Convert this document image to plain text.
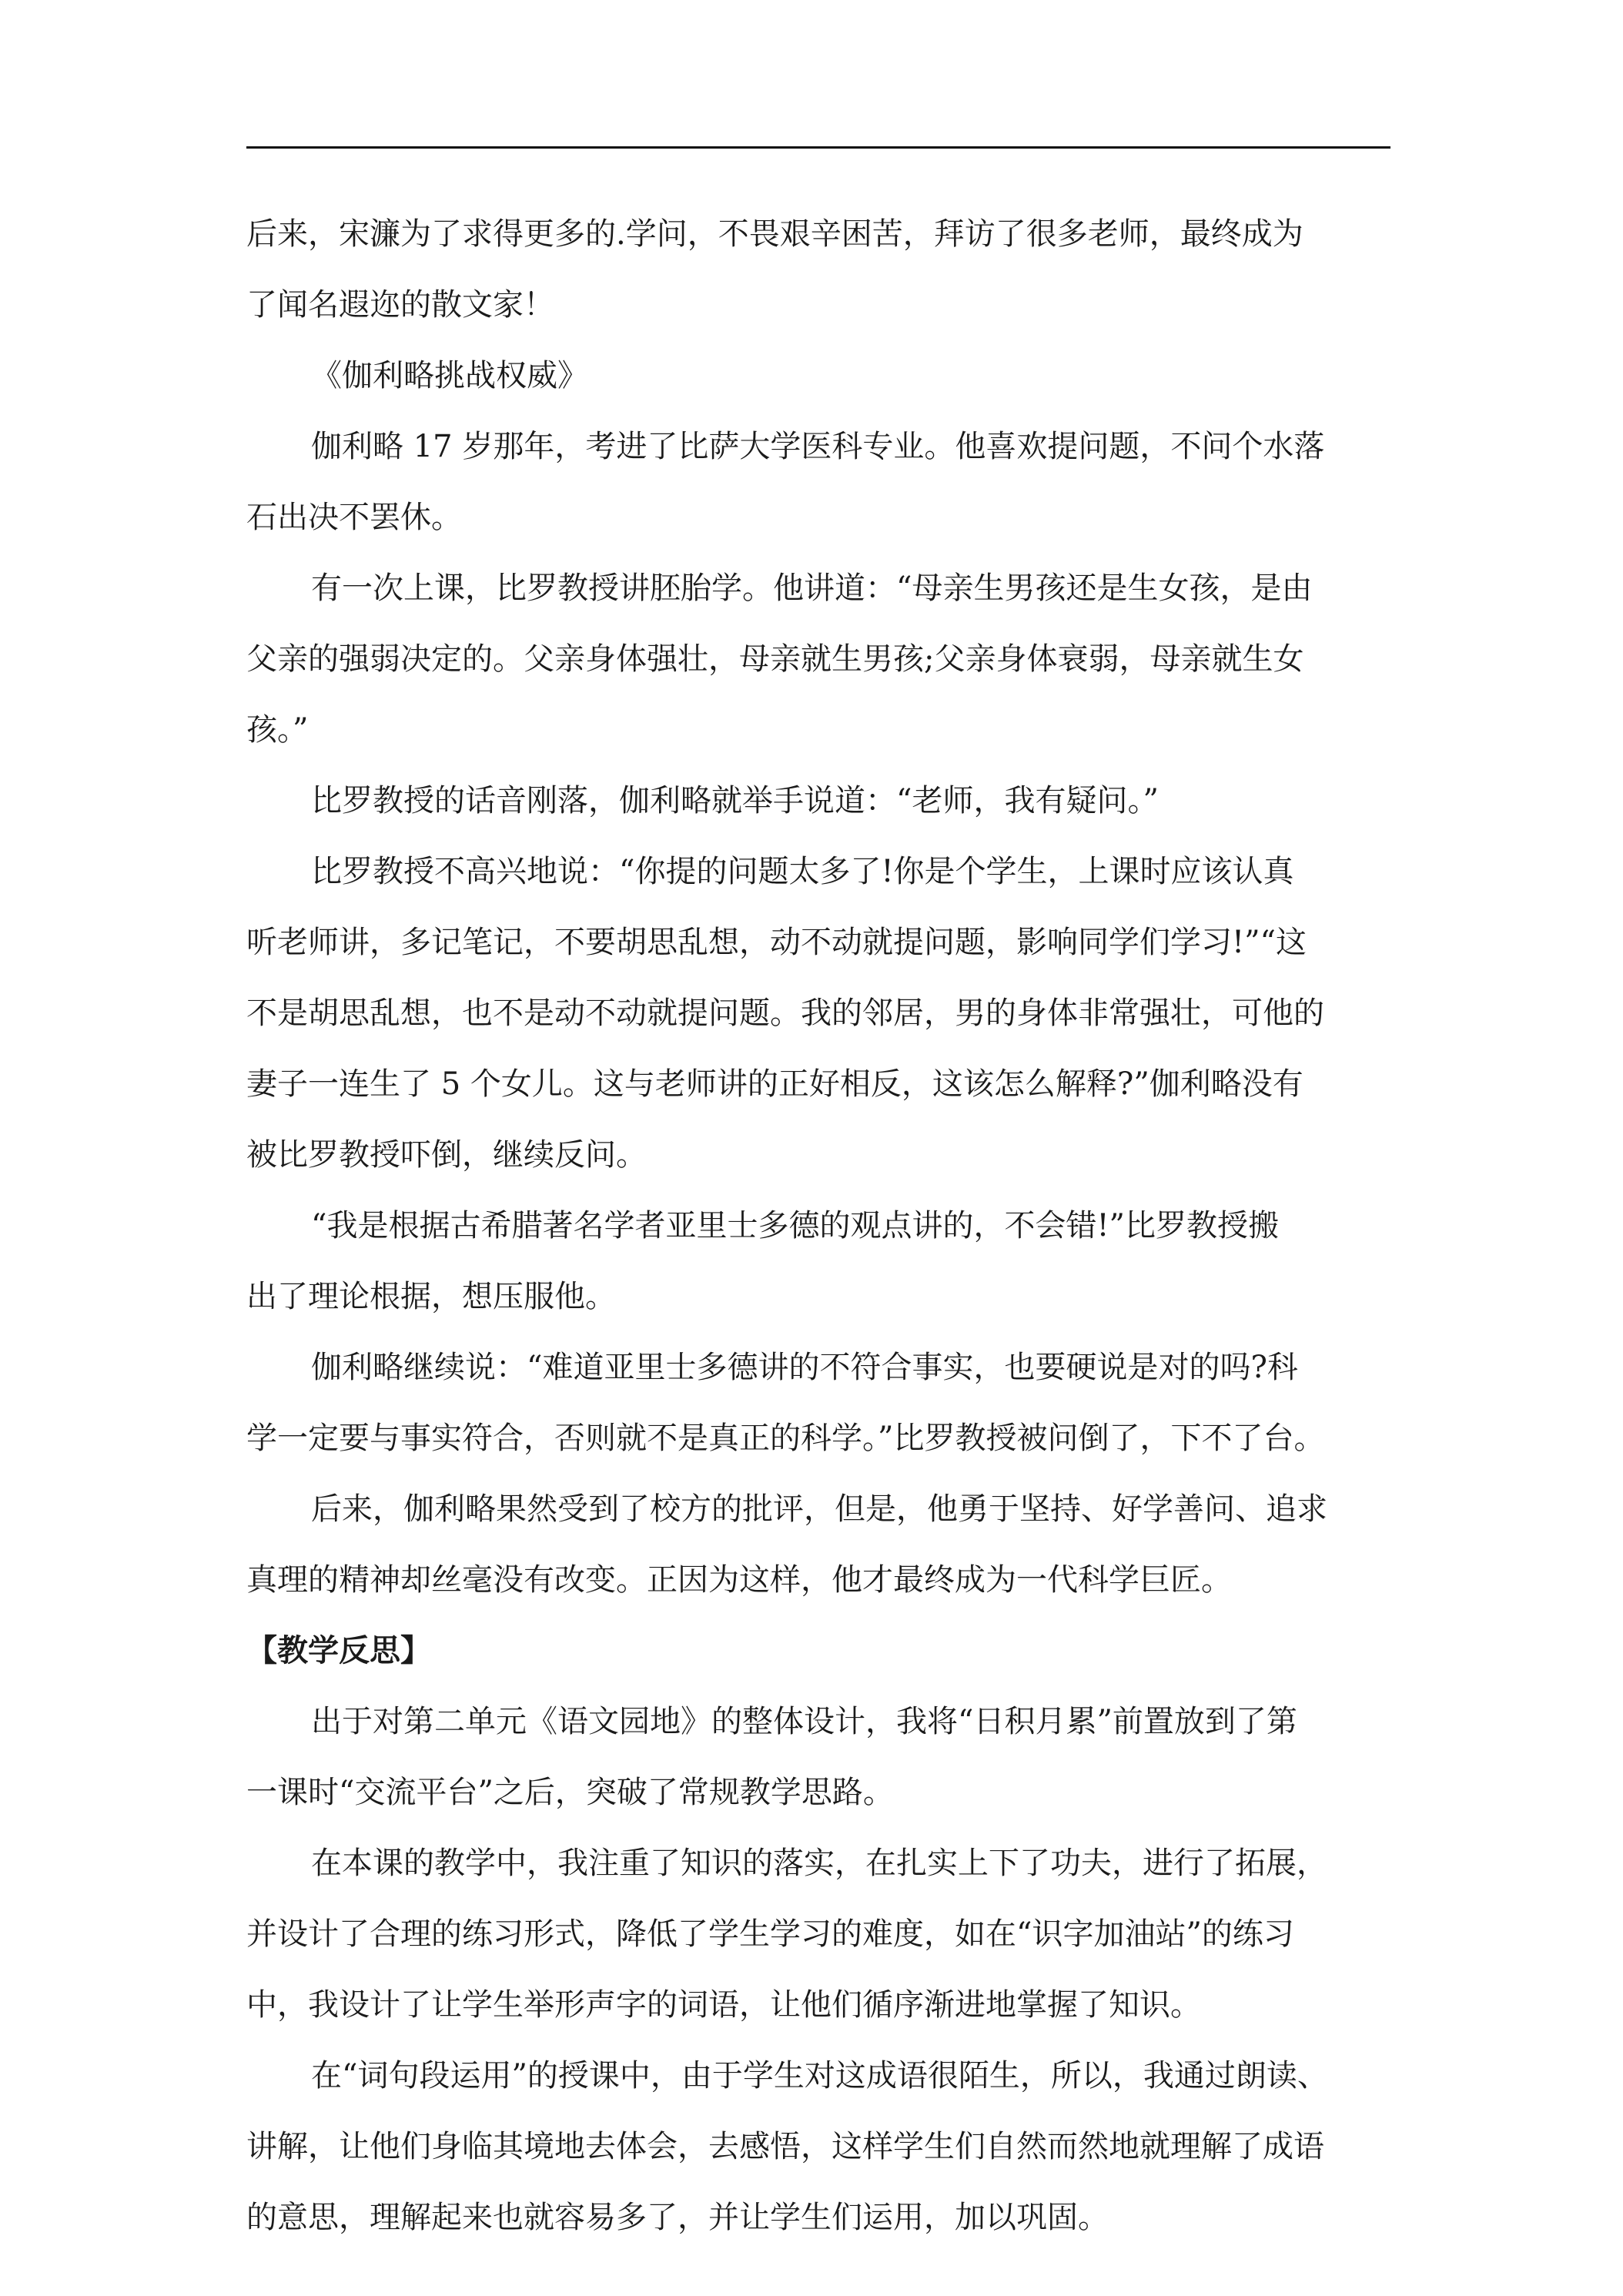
后来，宋濂为了求得更多的.学问，不畏艰辛困苦，拜访了很多老师，最终成为
了闻名遐迩的散文家！
《伽利略挑战权威》
伽利略 17 岁那年，考进了比萨大学医科专业。他喜欢提问题，不问个水落
石出决不罢休。
有一次上课，比罗教授讲胚胎学。他讲道：“母亲生男孩还是生女孩，是由
父亲的强弱决定的。父亲身体强壮，母亲就生男孩;父亲身体衰弱，母亲就生女
孩。”
比罗教授的话音刚落，伽利略就举手说道：“老师，我有疑问。”
比罗教授不高兴地说：“你提的问题太多了!你是个学生，上课时应该认真
听老师讲，多记笔记，不要胡思乱想，动不动就提问题，影响同学们学习!”“这
不是胡思乱想，也不是动不动就提问题。我的邻居，男的身体非常强壮，可他的
妻子一连生了 5 个女儿。这与老师讲的正好相反，这该怎么解释?”伽利略没有
被比罗教授吓倒，继续反问。
“我是根据古希腊著名学者亚里士多德的观点讲的，不会错!”比罗教授搬
出了理论根据，想压服他。
伽利略继续说：“难道亚里士多德讲的不符合事实，也要硬说是对的吗?科
学一定要与事实符合，否则就不是真正的科学。”比罗教授被问倒了，下不了台。
后来，伽利略果然受到了校方的批评，但是，他勇于坚持、好学善问、追求
真理的精神却丝毫没有改变。正因为这样，他才最终成为一代科学巨匠。
【教学反思】
出于对第二单元《语文园地》的整体设计，我将“日积月累”前置放到了第
一课时“交流平台”之后，突破了常规教学思路。
在本课的教学中，我注重了知识的落实，在扎实上下了功夫，进行了拓展，
并设计了合理的练习形式，降低了学生学习的难度，如在“识字加油站”的练习
中，我设计了让学生举形声字的词语，让他们循序渐进地掌握了知识。
在“词句段运用”的授课中，由于学生对这成语很陌生，所以，我通过朗读、
讲解，让他们身临其境地去体会，去感悟，这样学生们自然而然地就理解了成语
的意思，理解起来也就容易多了，并让学生们运用，加以巩固。
